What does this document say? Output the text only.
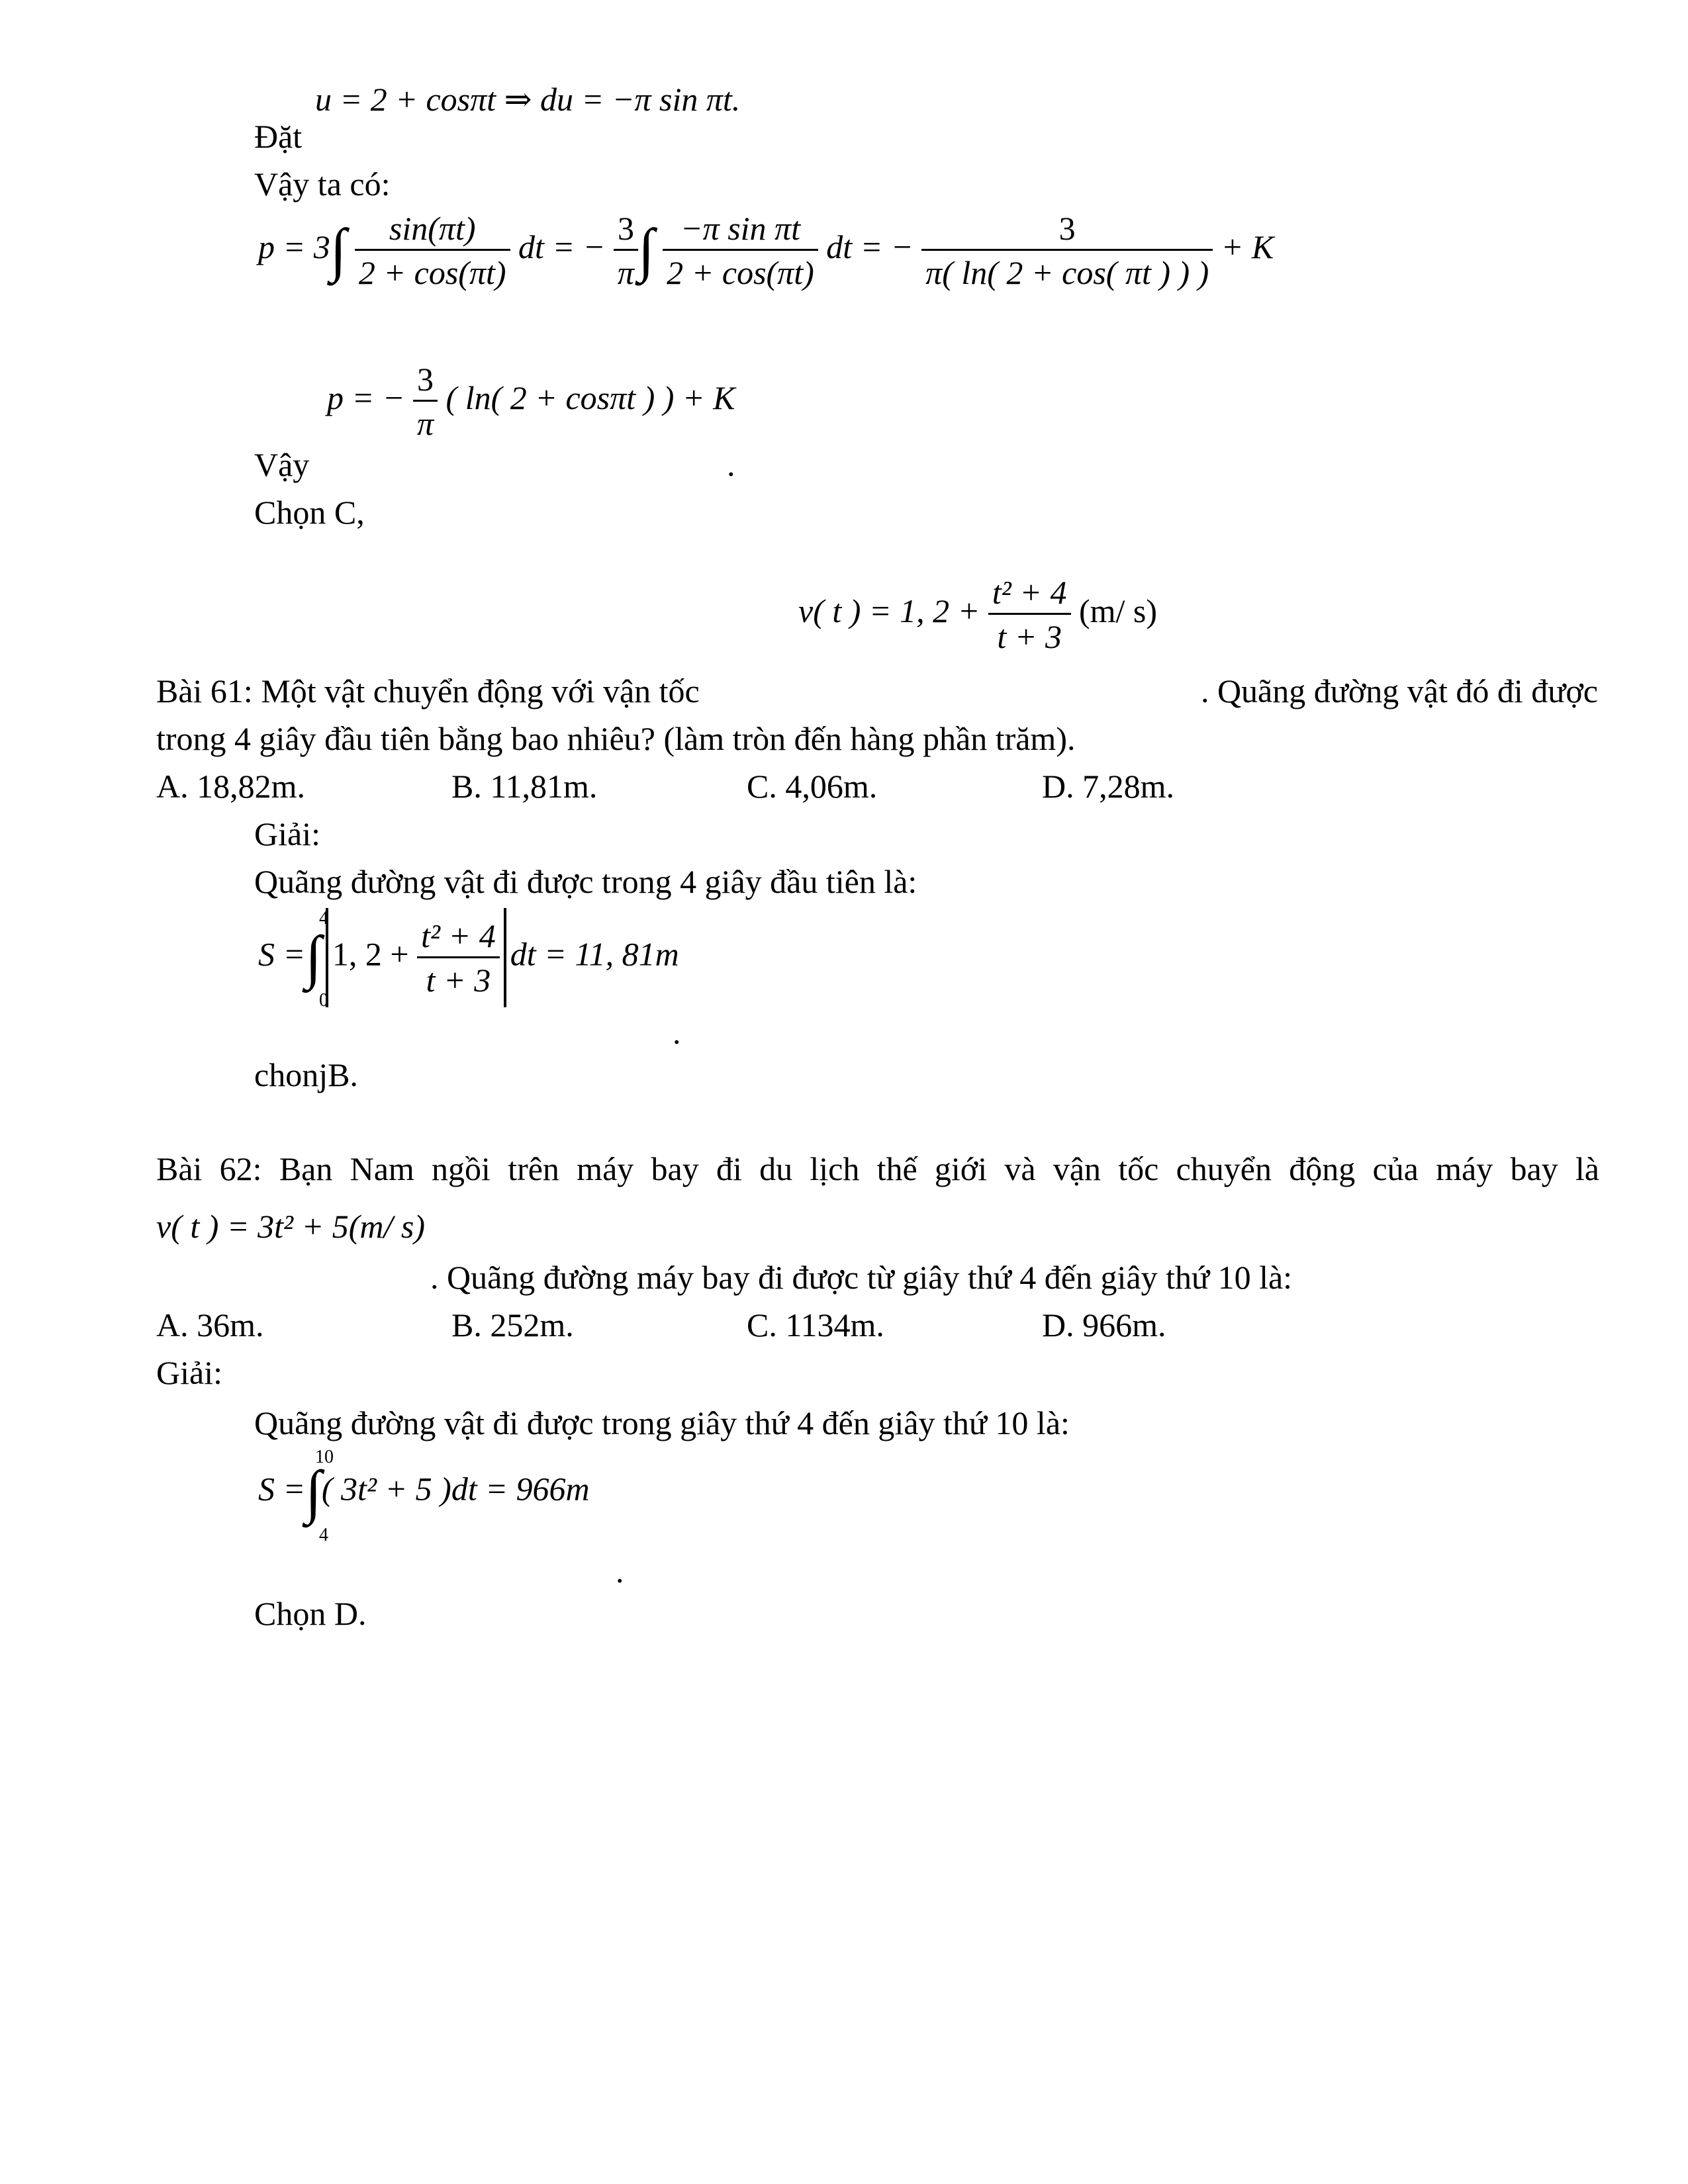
u = 2 + cosπt ⇒ du = −π sin πt.
Đặt
Vậy ta có:
$p = 3\int \frac{\sin(\pi t)}{2 + \cos(\pi t)}$ dt = − $\frac{3}{\pi}$ ∫ $\frac{\text{−π sin πt}}{2 + \cos(\pi t)}$ dt = − $\frac{3}{\pi( \ln( 2 + \cos( \pi t ) ) )} + K$
p = − $\frac{3}{\pi}$ ( ln( 2 + cosπt ) ) + K
Vậy	.
Chọn C,
v( t ) = 1, $2 + \frac{\text{t² + 4}}{t + 3} (m/$ s)
Bài 61: Một vật chuyển động với vận tốc	. Quãng đường vật đó đi được
trong 4 giây đầu tiên bằng bao nhiêu? (làm tròn đến hàng phần trăm).
A. 18,82m.	B. 11,81m.	C. 4,06m.	D. 7,28m.
Giải:
Quãng đường vật đi được trong 4 giây đầu tiên là:
S =∫ 1, $2 + \frac{\text{t² + 4}}{t + 3}$ dt = 11, 81m
4
0
.
chonjB.
Bài 62: Bạn Nam ngồi trên máy bay đi du lịch thế giới và vận tốc chuyển động của máy bay là
v( t ) = 3t² + 5(m/ s)
. Quãng đường máy bay đi được từ giây thứ 4 đến giây thứ 10 là:
A. 36m.	B. 252m.	C. 1134m.	D. 966m.
Giải:
Quãng đường vật đi được trong giây thứ 4 đến giây thứ 10 là:
S =∫( 3t² + 5 )dt = 966m
10
4
.
Chọn D.
